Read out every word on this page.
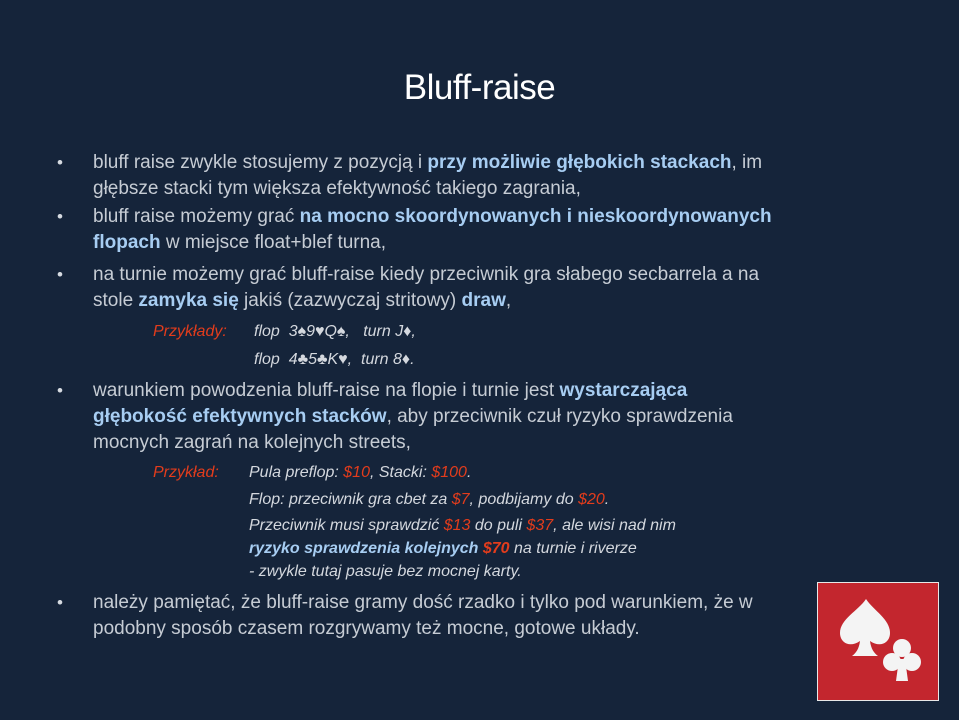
Bluff-raise
• bluff raise zwykle stosujemy z pozycją i przy możliwie głębokich stackach, im głębsze stacki tym większa efektywność takiego zagrania,
• bluff raise możemy grać na mocno skoordynowanych i nieskoordynowanych flopach w miejsce float+blef turna,
• na turnie możemy grać bluff-raise kiedy przeciwnik gra słabego secbarrela a na stole zamyka się jakiś (zazwyczaj stritowy) draw,
Przykłady: flop  3♠9♥Q♠,   turn J♦,
flop  4♣5♣K♥,  turn 8♦.
• warunkiem powodzenia bluff-raise na flopie i turnie jest wystarczająca głębokość efektywnych stacków, aby przeciwnik czuł ryzyko sprawdzenia mocnych zagrań na kolejnych streets,
Przykład: Pula preflop: $10, Stacki: $100.
Flop: przeciwnik gra cbet za $7, podbijamy do $20.
Przeciwnik musi sprawdzić $13 do puli $37, ale wisi nad nim
ryzyko sprawdzenia kolejnych $70 na turnie i riverze
- zwykle tutaj pasuje bez mocnej karty.
• należy pamiętać, że bluff-raise gramy dość rzadko i tylko pod warunkiem, że w podobny sposób czasem rozgrywamy też mocne, gotowe układy.
